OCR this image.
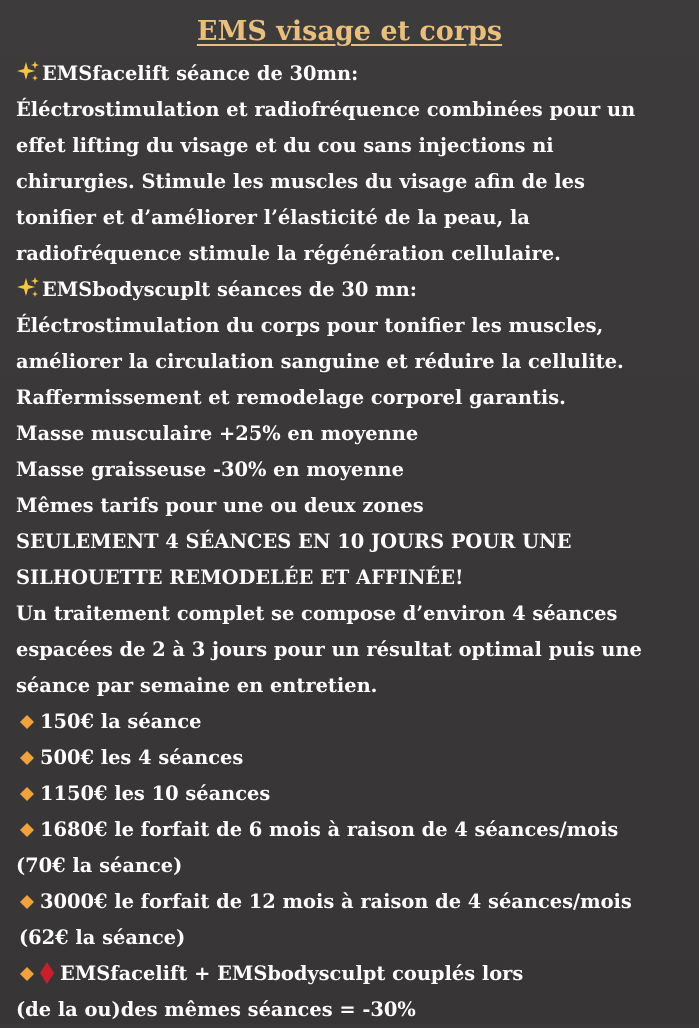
EMS visage et corps
EMSfacelift séance de 30mn:
Éléctrostimulation et radiofréquence combinées pour un
effet lifting du visage et du cou sans injections ni
chirurgies. Stimule les muscles du visage afin de les
tonifier et d’améliorer l’élasticité de la peau, la
radiofréquence stimule la régénération cellulaire.
EMSbodyscuplt séances de 30 mn:
Éléctrostimulation du corps pour tonifier les muscles,
améliorer la circulation sanguine et réduire la cellulite.
Raffermissement et remodelage corporel garantis.
Masse musculaire +25% en moyenne
Masse graisseuse -30% en moyenne
Mêmes tarifs pour une ou deux zones
SEULEMENT 4 SÉANCES EN 10 JOURS POUR UNE
SILHOUETTE REMODELÉE ET AFFINÉE!
Un traitement complet se compose d’environ 4 séances
espacées de 2 à 3 jours pour un résultat optimal puis une
séance par semaine en entretien.
150€ la séance
500€ les 4 séances
1150€ les 10 séances
1680€ le forfait de 6 mois à raison de 4 séances/mois
(70€ la séance)
3000€ le forfait de 12 mois à raison de 4 séances/mois
(62€ la séance)
EMSfacelift + EMSbodysculpt couplés lors
(de la ou)des mêmes séances = -30%
